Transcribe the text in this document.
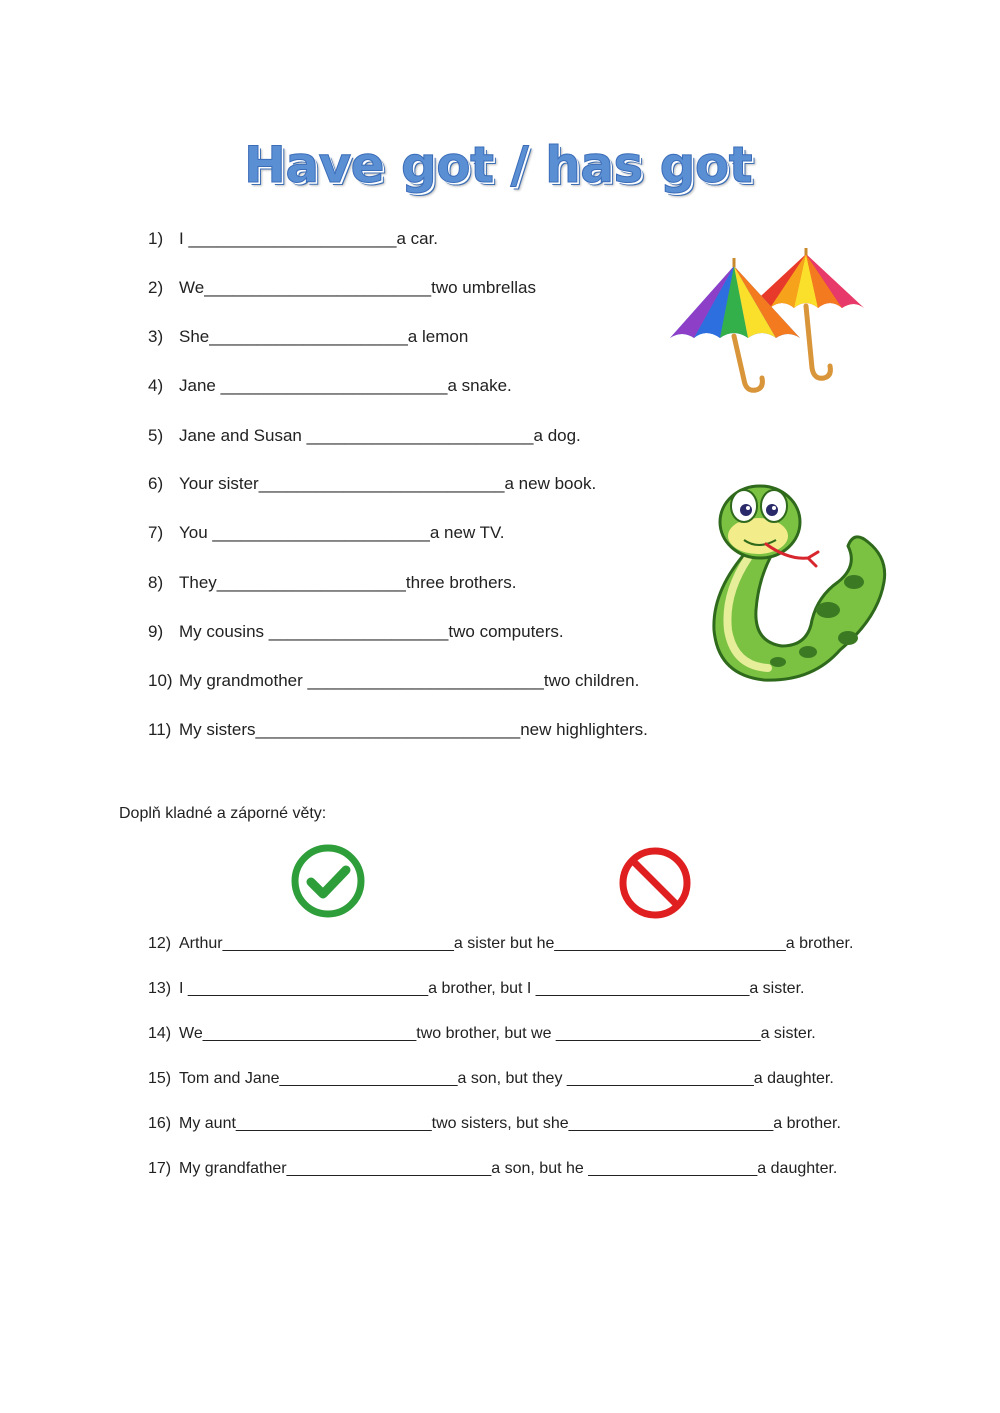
Have got / has got
1) I ______________________a car.
2) We________________________two umbrellas
3) She_____________________a lemon
4) Jane ________________________a snake.
5) Jane and Susan ________________________a dog.
6) Your sister__________________________a new book.
7) You _______________________a new TV.
8) They____________________three brothers.
9) My cousins ___________________two computers.
10) My grandmother _________________________two children.
11) My sisters____________________________new highlighters.
Doplň kladné a záporné věty:
12) Arthur__________________________a sister but he__________________________a brother.
13) I ___________________________a brother, but I ________________________a sister.
14) We________________________two brother, but we _______________________a sister.
15) Tom and Jane____________________a son, but they _____________________a daughter.
16) My aunt______________________two sisters, but she_______________________a brother.
17) My grandfather_______________________a son, but he ___________________a daughter.
